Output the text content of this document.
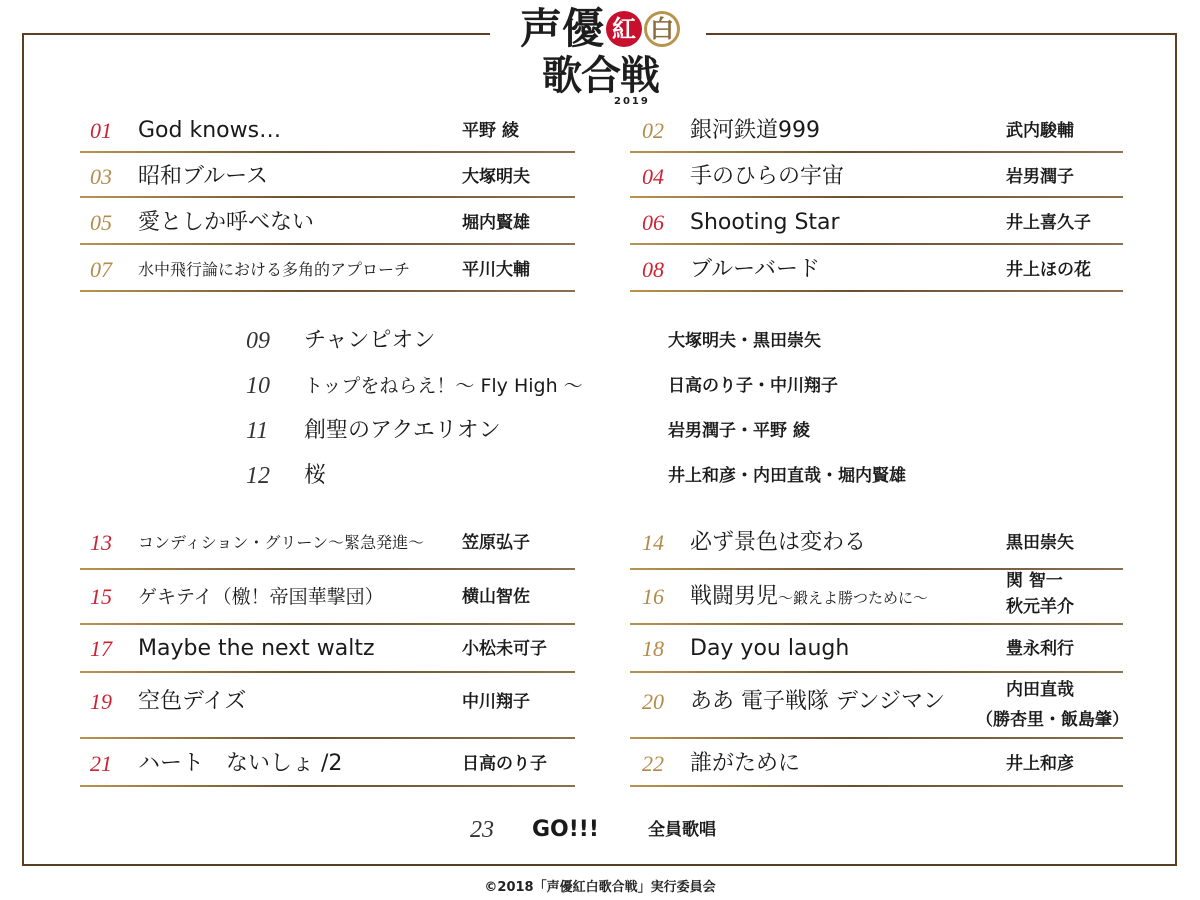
声 優 紅 白
歌合戦
2019
01 God knows…	平野 綾	02 銀河鉄道999	武内駿輔
03 昭和ブルース	大塚明夫	04 手のひらの宇宙	岩男潤子
05 愛としか呼べない	堀内賢雄	06 Shooting Star	井上喜久子
07 水中飛行論における多角的アプローチ	平川大輔	08 ブルーバード	井上ほの花
09 チャンピオン	大塚明夫・黒田崇矢
10 トップをねらえ！～ Fly High ～	日高のり子・中川翔子
11 創聖のアクエリオン	岩男潤子・平野 綾
12 桜	井上和彦・内田直哉・堀内賢雄
13 コンディション・グリーン～緊急発進～ 笠原弘子	14 必ず景色は変わる	黒田崇矢
15 ゲキテイ（檄！帝国華撃団）	横山智佐	16 戦闘男児～鍛えよ勝つために～
関 智一
秋元羊介
17 Maybe the next waltz	小松未可子	18 Day you laugh	豊永利行
19 空色デイズ	中川翔子	20 ああ 電子戦隊 デンジマン	内田直哉
（勝杏里・飯島肇）
21 ハート　ないしょ /2	日高のり子	22 誰がために	井上和彦
23 GO!!!	全員歌唱
©2018「声優紅白歌合戦」実行委員会
